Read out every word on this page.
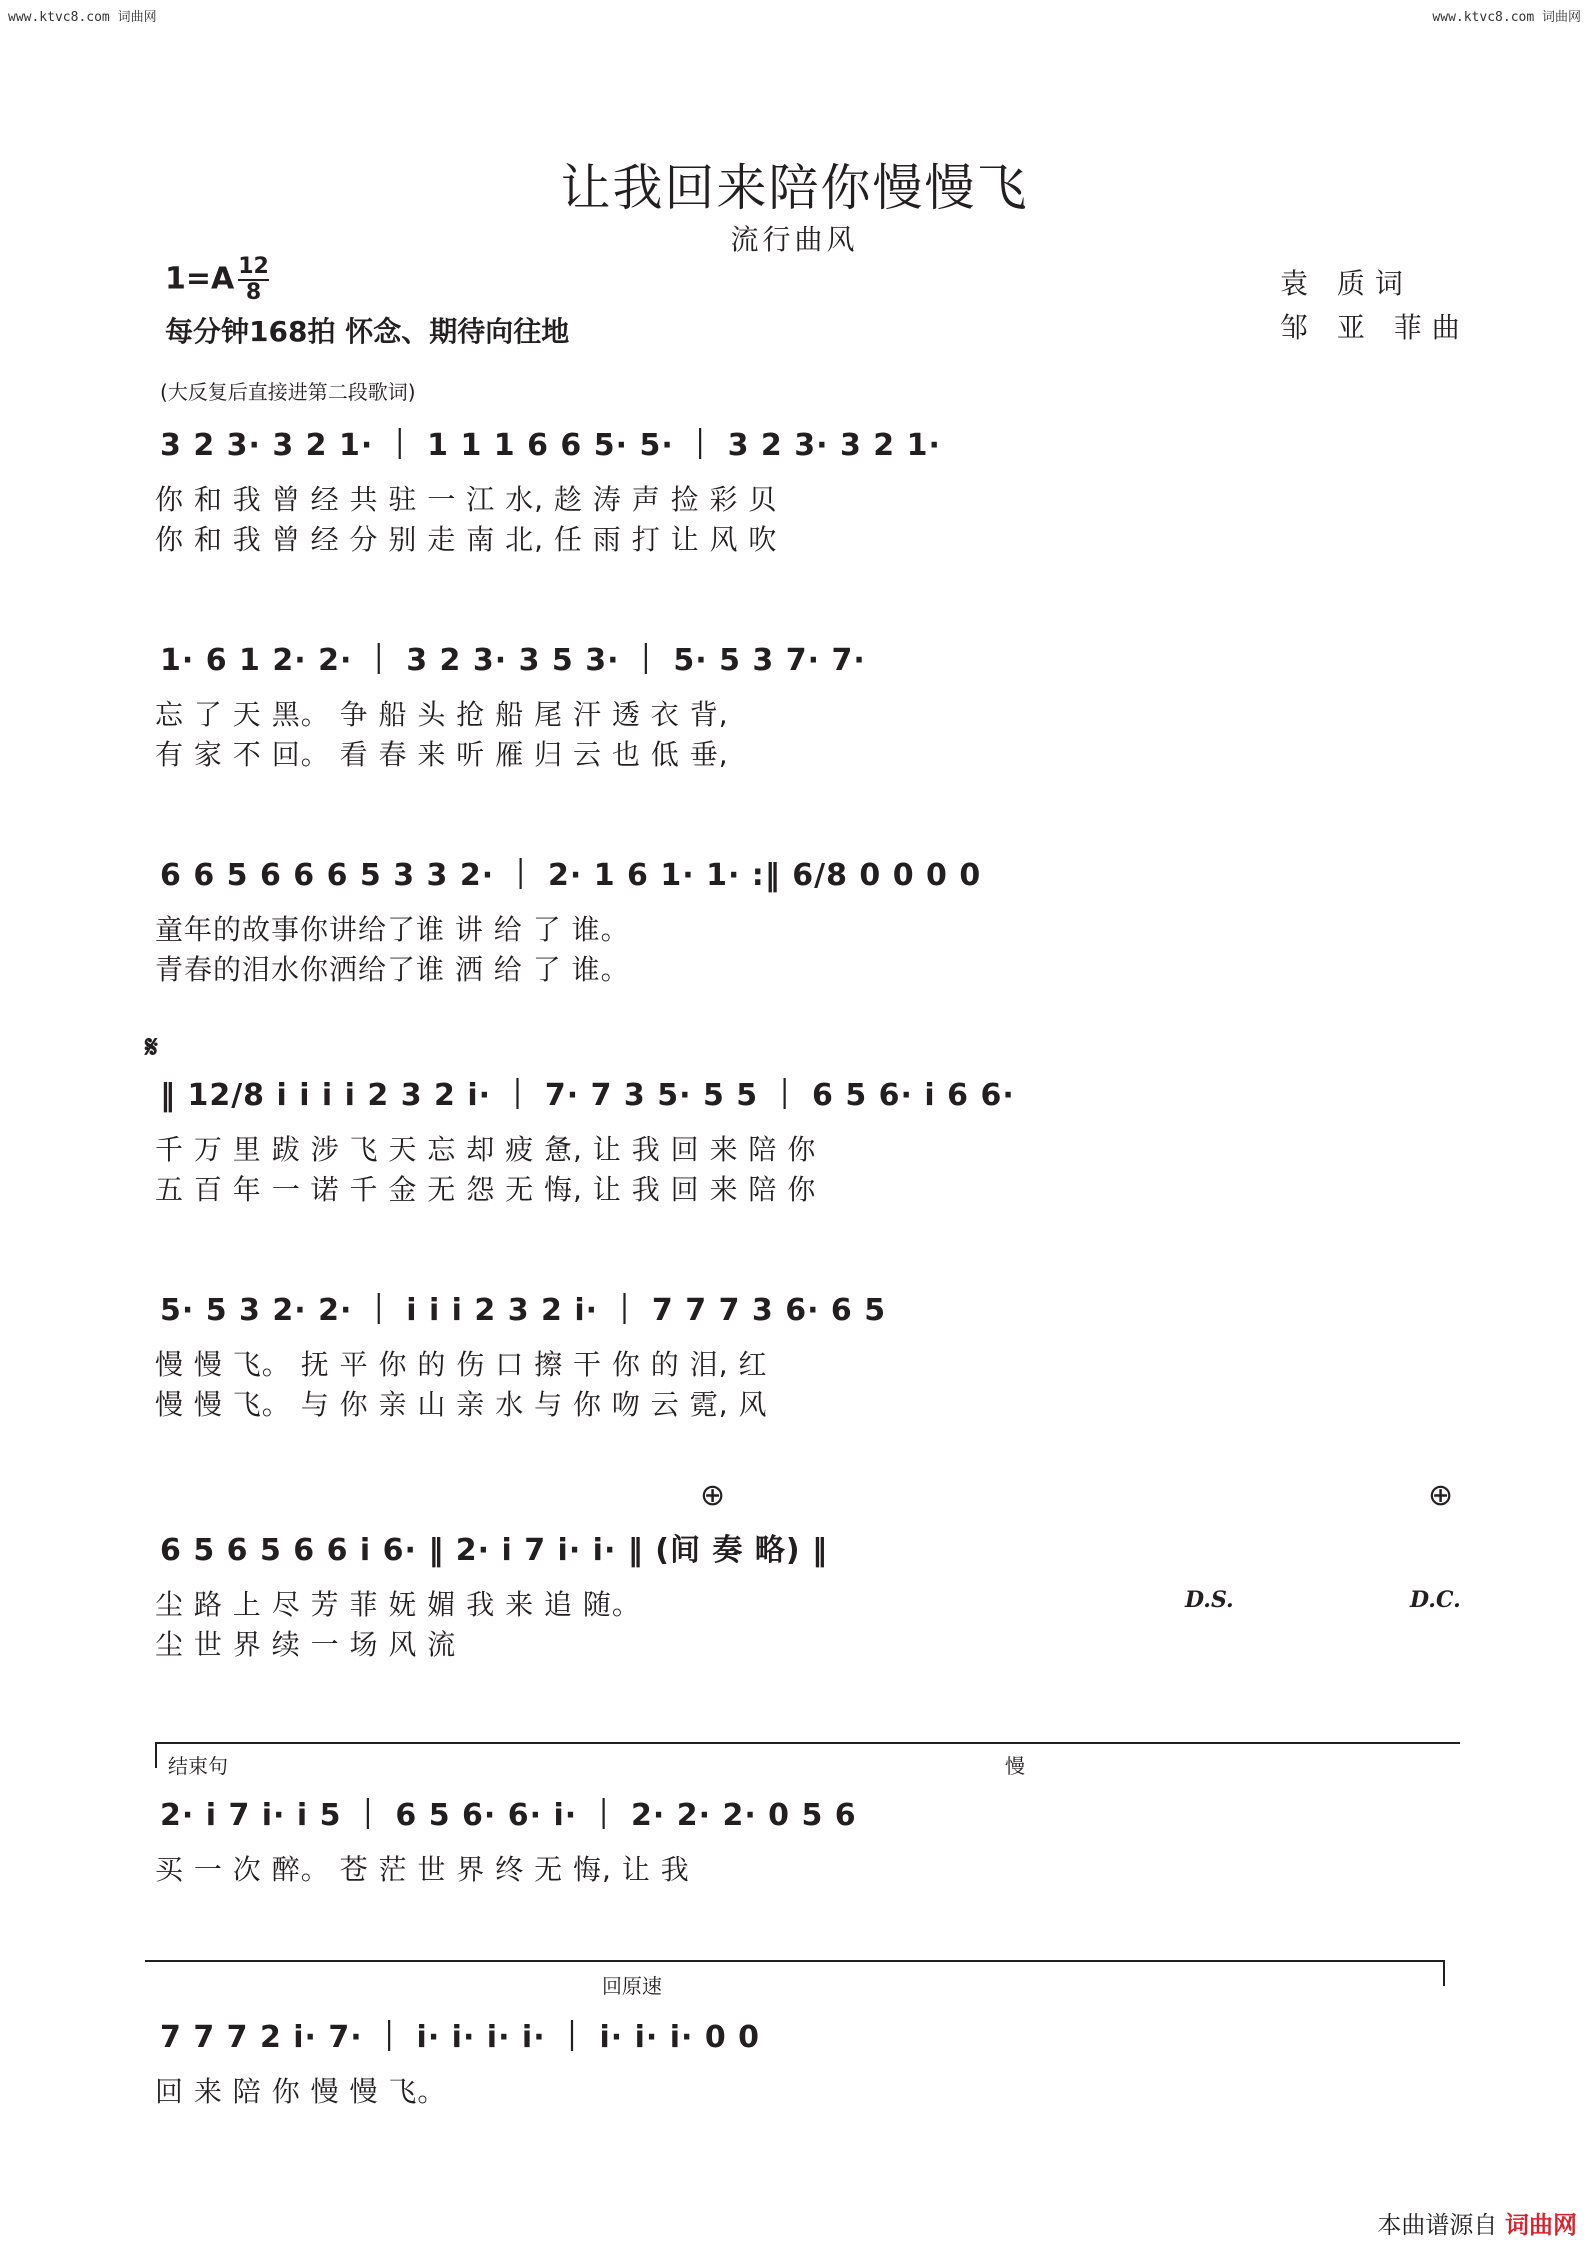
www.ktvc8.com 词曲网	www.ktvc8.com 词曲网
让我回来陪你慢慢飞
流行曲风
$1=A \frac{12}{8}$
每分钟168拍 怀念、期待向往地
袁 质词
邹 亚 菲曲
(大反复后直接进第二段歌词)
3 2 3· 3 2 1· ｜ 1 1 1 6 6 5· 5· ｜ 3 2 3· 3 2 1·
你 和 我 曾 经 共 驻 一 江 水, 趁 涛 声 捡 彩 贝
你 和 我 曾 经 分 别 走 南 北, 任 雨 打 让 风 吹
1· 6 1 2· 2· ｜ 3 2 3· 3 5 3· ｜ 5· 5 3 7· 7·
忘 了 天 黑。 争 船 头 抢 船 尾 汗 透 衣 背,
有 家 不 回。 看 春 来 听 雁 归 云 也 低 垂,
6 6 5 6 6 6 5 3 3 2· ｜ 2· 1 6 1· 1· :‖ 6/8 0 0 0 0
童年的故事你讲给了谁 讲 给 了 谁。
青春的泪水你洒给了谁 洒 给 了 谁。
𝄋
‖ 12/8 i i i i 2 3 2 i· ｜ 7· 7 3 5· 5 5 ｜ 6 5 6· i 6 6·
千 万 里 跋 涉 飞 天 忘 却 疲 惫, 让 我 回 来 陪 你
五 百 年 一 诺 千 金 无 怨 无 悔, 让 我 回 来 陪 你
5· 5 3 2· 2· ｜ i i i 2 3 2 i· ｜ 7 7 7 3 6· 6 5
慢 慢 飞。 抚 平 你 的 伤 口 擦 干 你 的 泪, 红
慢 慢 飞。 与 你 亲 山 亲 水 与 你 吻 云 霓, 风
⊕	⊕
6 5 6 5 6 6 i 6· ‖ 2· i 7 i· i· ‖ (间 奏 略) ‖
尘 路 上 尽 芳 菲 妩 媚 我 来 追 随。
尘 世 界 续 一 场 风 流
D.S.	D.C.
结束句	慢
2· i 7 i· i 5 ｜ 6 5 6· 6· i· ｜ 2· 2· 2· 0 5 6
买 一 次 醉。 苍 茫 世 界 终 无 悔, 让 我
回原速
7 7 7 2 i· 7· ｜ i· i· i· i· ｜ i· i· i· 0 0
回 来 陪 你 慢 慢 飞。
本曲谱源自 词曲网
